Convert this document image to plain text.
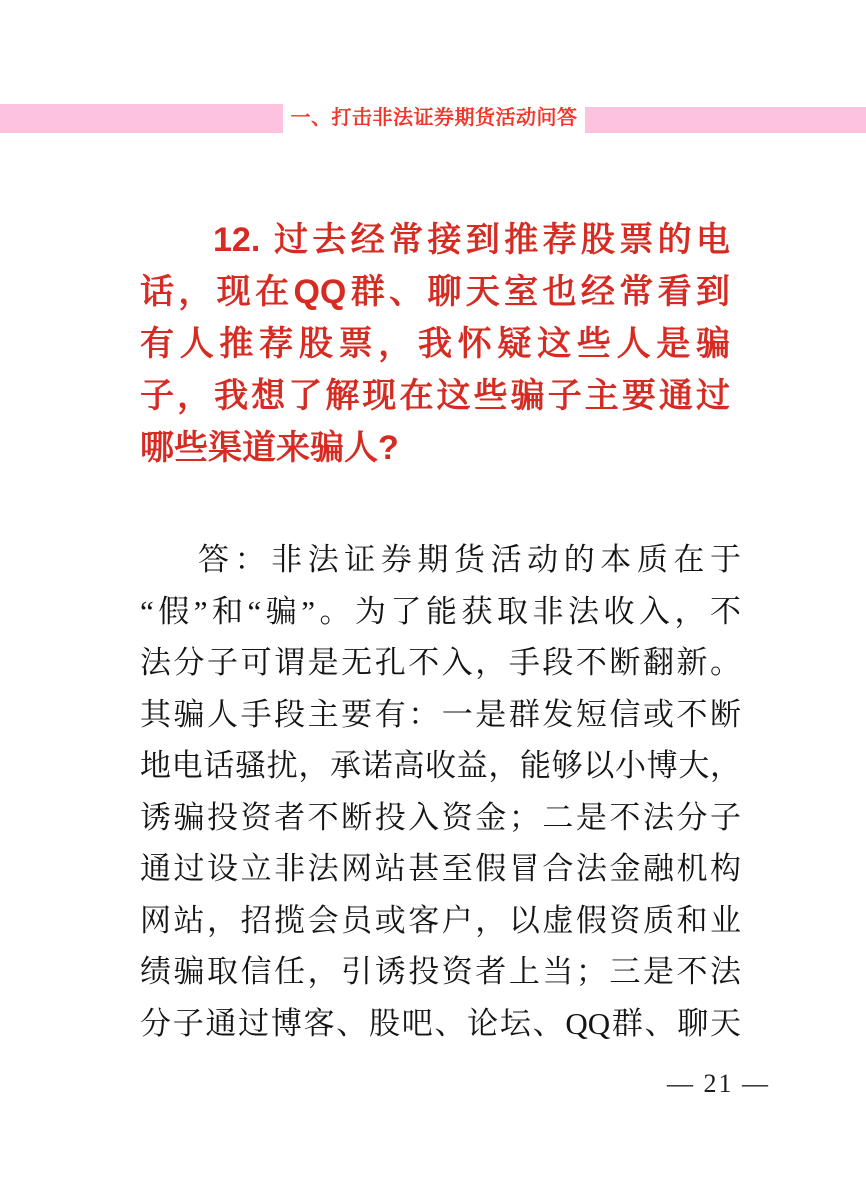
一、打击非法证券期货活动问答
12. 过去经常接到推荐股票的电
话，现在QQ群、聊天室也经常看到
有人推荐股票，我怀疑这些人是骗
子，我想了解现在这些骗子主要通过
哪些渠道来骗人?
答：非法证券期货活动的本质在于
“假”和“骗”。为了能获取非法收入，不
法分子可谓是无孔不入，手段不断翻新。
其骗人手段主要有：一是群发短信或不断
地电话骚扰，承诺高收益，能够以小博大，
诱骗投资者不断投入资金；二是不法分子
通过设立非法网站甚至假冒合法金融机构
网站，招揽会员或客户，以虚假资质和业
绩骗取信任，引诱投资者上当；三是不法
分子通过博客、股吧、论坛、QQ群、聊天
— 21 —
